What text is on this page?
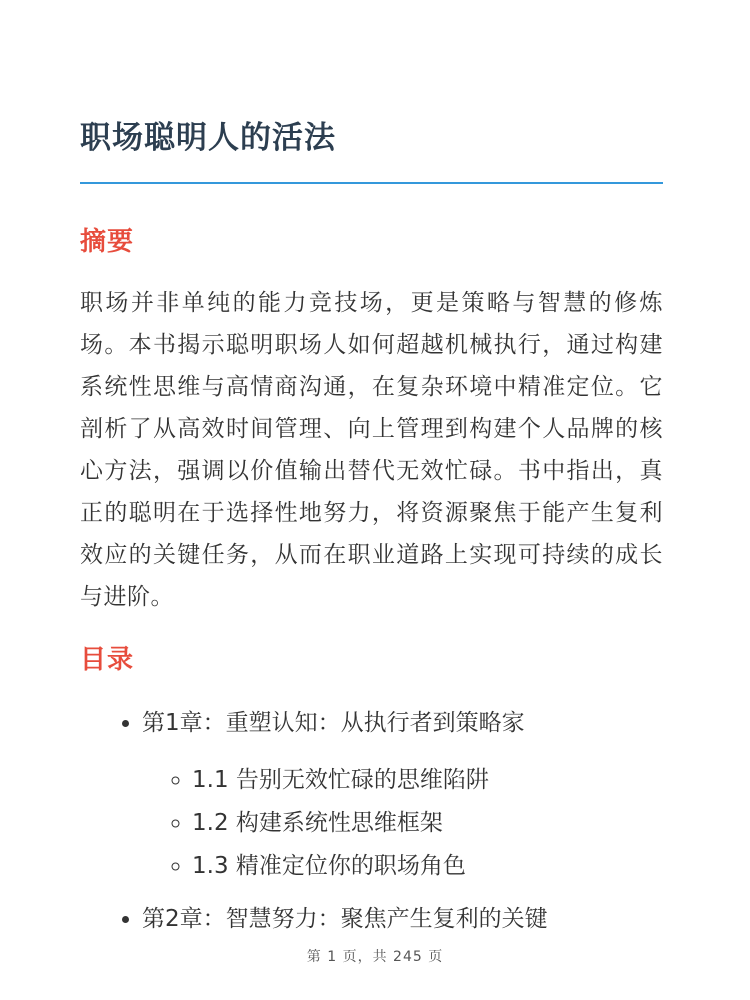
职场聪明人的活法
摘要

职场并非单纯的能力竞技场，更是策略与智慧的修炼场。本书揭示聪明职场人如何超越机械执行，通过构建系统性思维与高情商沟通，在复杂环境中精准定位。它剖析了从高效时间管理、向上管理到构建个人品牌的核心方法，强调以价值输出替代无效忙碌。书中指出，真正的聪明在于选择性地努力，将资源聚焦于能产生复利效应的关键任务，从而在职业道路上实现可持续的成长与进阶。

目录
• 第1章：重塑认知：从执行者到策略家
◦ 1.1 告别无效忙碌的思维陷阱
◦ 1.2 构建系统性思维框架
◦ 1.3 精准定位你的职场角色
• 第2章：智慧努力：聚焦产生复利的关键
第 1 页，共 245 页
